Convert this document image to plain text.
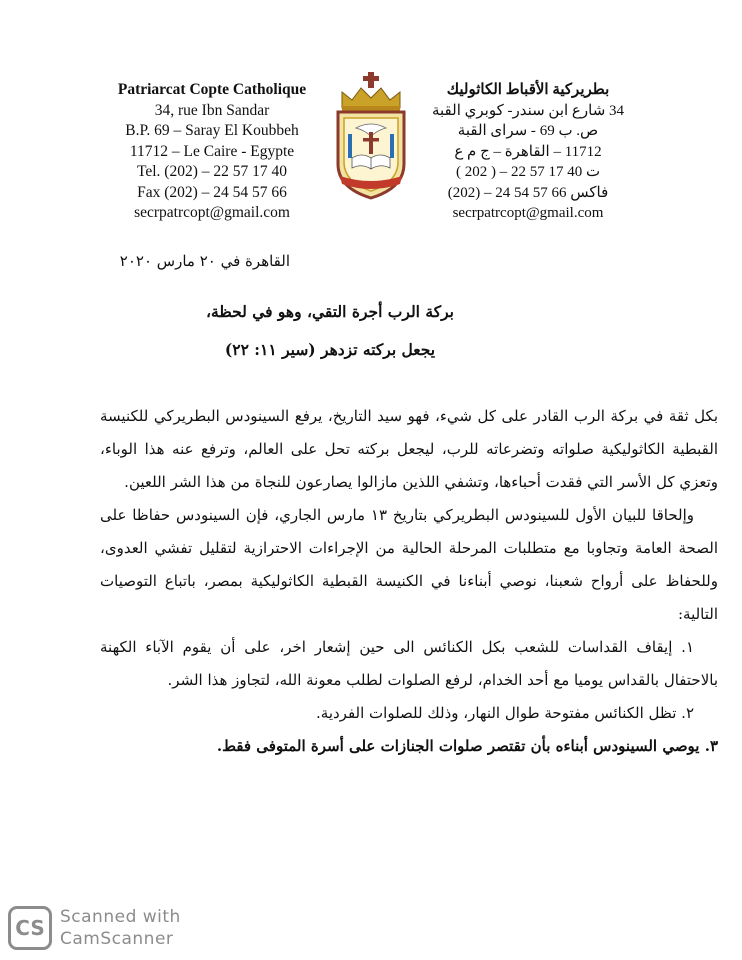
Patriarcat Copte Catholique
34, rue Ibn Sandar
B.P. 69 – Saray El Koubbeh
11712 – Le Caire - Egypte
Tel. (202) – 22 57 17 40
Fax (202) – 24 54 57 66
secrpatrcopt@gmail.com
بطريركية الأقباط الكاثوليك
34 شارع ابن سندر- كوبري القبة
ص. ب 69 - سراى القبة
11712 – القاهرة – ج م ع
ت 40 17 57 22 – ( 202 )
فاكس 66 57 54 24 – (202)
secrpatrcopt@gmail.com
القاهرة في ٢٠ مارس ٢٠٢٠
بركة الرب أجرة التقي، وهو في لحظة،
يجعل بركته تزدهر (سير ١١: ٢٢)

بكل ثقة في بركة الرب القادر على كل شيء، فهو سيد التاريخ، يرفع السينودس البطريركي للكنيسة القبطية الكاثوليكية صلواته وتضرعاته للرب، ليجعل بركته تحل على العالم، وترفع عنه هذا الوباء، وتعزي كل الأسر التي فقدت أحباءها، وتشفي اللذين مازالوا يصارعون للنجاة من هذا الشر اللعين.

وإلحاقا للبيان الأول للسينودس البطريركي بتاريخ ١٣ مارس الجاري، فإن السينودس حفاظا على الصحة العامة وتجاوبا مع متطلبات المرحلة الحالية من الإجراءات الاحترازية لتقليل تفشي العدوى، وللحفاظ على أرواح شعبنا، نوصي أبناءنا في الكنيسة القبطية الكاثوليكية بمصر، باتباع التوصيات التالية:

١. إيقاف القداسات للشعب بكل الكنائس الى حين إشعار اخر، على أن يقوم الآباء الكهنة بالاحتفال بالقداس يوميا مع أحد الخدام، لرفع الصلوات لطلب معونة الله، لتجاوز هذا الشر.

٢. تظل الكنائس مفتوحة طوال النهار، وذلك للصلوات الفردية.

٣. يوصي السينودس أبناءه بأن تقتصر صلوات الجنازات على أسرة المتوفى فقط.

CS Scanned with
CamScanner
